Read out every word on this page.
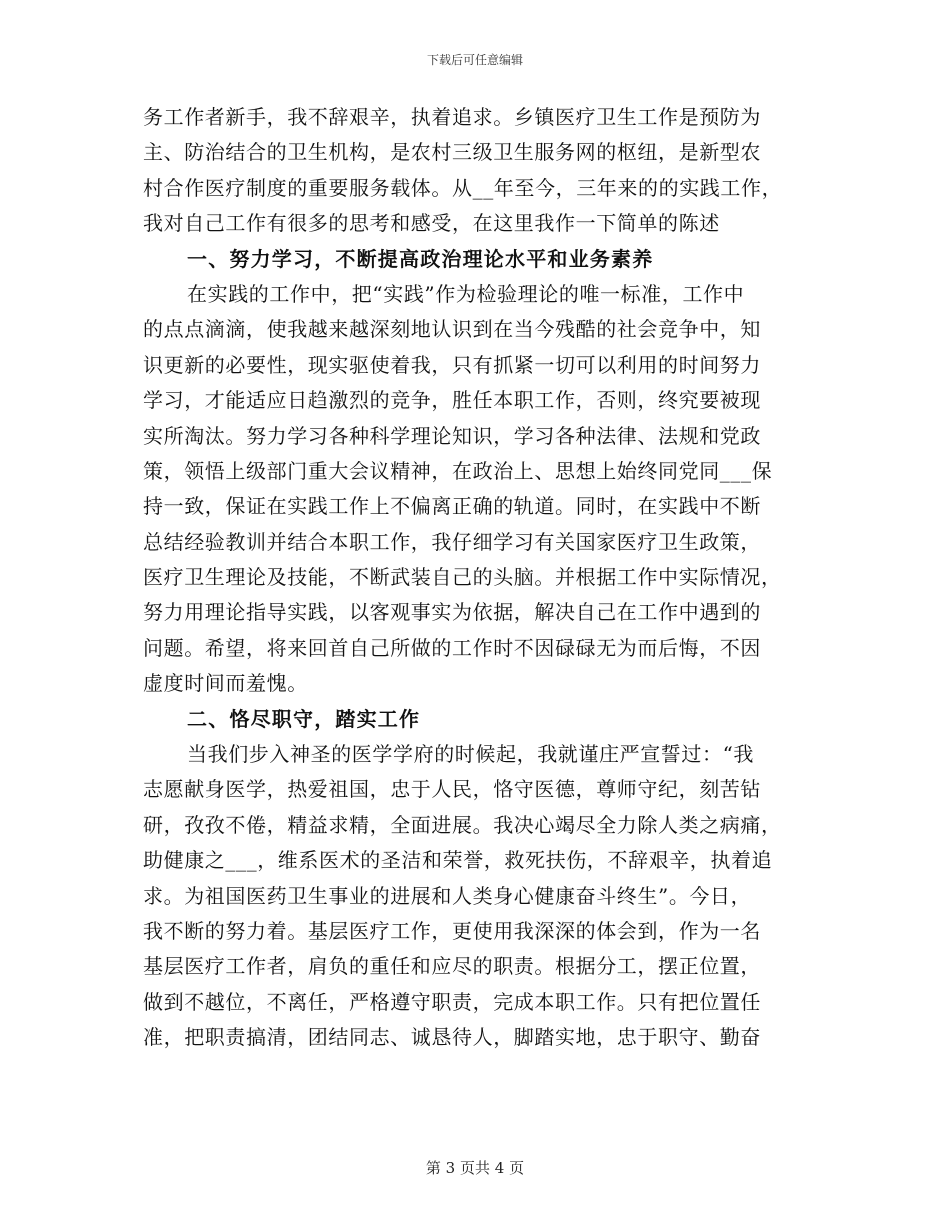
下载后可任意编辑
务工作者新手，我不辞艰辛，执着追求。乡镇医疗卫生工作是预防为
主、防治结合的卫生机构，是农村三级卫生服务网的枢纽，是新型农
村合作医疗制度的重要服务载体。从__年至今，三年来的的实践工作，
我对自己工作有很多的思考和感受，在这里我作一下简单的陈述
一、努力学习，不断提高政治理论水平和业务素养
在实践的工作中，把“实践”作为检验理论的唯一标准，工作中
的点点滴滴，使我越来越深刻地认识到在当今残酷的社会竞争中，知
识更新的必要性，现实驱使着我，只有抓紧一切可以利用的时间努力
学习，才能适应日趋激烈的竞争，胜任本职工作，否则，终究要被现
实所淘汰。努力学习各种科学理论知识，学习各种法律、法规和党政
策，领悟上级部门重大会议精神，在政治上、思想上始终同党同___保
持一致，保证在实践工作上不偏离正确的轨道。同时，在实践中不断
总结经验教训并结合本职工作，我仔细学习有关国家医疗卫生政策，
医疗卫生理论及技能，不断武装自己的头脑。并根据工作中实际情况，
努力用理论指导实践，以客观事实为依据，解决自己在工作中遇到的
问题。希望，将来回首自己所做的工作时不因碌碌无为而后悔，不因
虚度时间而羞愧。
二、恪尽职守，踏实工作
当我们步入神圣的医学学府的时候起，我就谨庄严宣誓过：“我
志愿献身医学，热爱祖国，忠于人民，恪守医德，尊师守纪，刻苦钻
研，孜孜不倦，精益求精，全面进展。我决心竭尽全力除人类之病痛，
助健康之___，维系医术的圣洁和荣誉，救死扶伤，不辞艰辛，执着追
求。为祖国医药卫生事业的进展和人类身心健康奋斗终生”。今日，
我不断的努力着。基层医疗工作，更使用我深深的体会到，作为一名
基层医疗工作者，肩负的重任和应尽的职责。根据分工，摆正位置，
做到不越位，不离任，严格遵守职责，完成本职工作。只有把位置任
准，把职责搞清，团结同志、诚恳待人，脚踏实地，忠于职守、勤奋
第 3 页共 4 页
